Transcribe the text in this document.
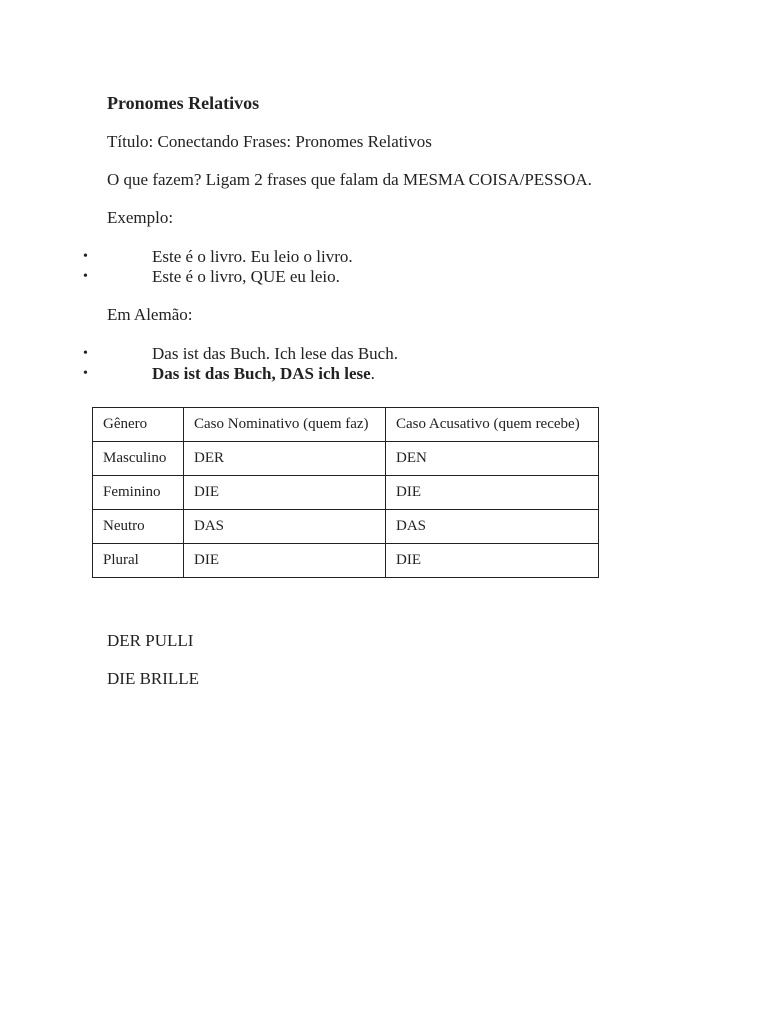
Pronomes Relativos

Título: Conectando Frases: Pronomes Relativos

O que fazem? Ligam 2 frases que falam da MESMA COISA/PESSOA.

Exemplo:

•	Este é o livro. Eu leio o livro.
•	Este é o livro, QUE eu leio.

Em Alemão:

•	Das ist das Buch. Ich lese das Buch.
•	Das ist das Buch, DAS ich lese.
Gênero	Caso Nominativo (quem faz)	Caso Acusativo (quem recebe)
Masculino	DER	DEN
Feminino	DIE	DIE
Neutro	DAS	DAS
Plural	DIE	DIE

DER PULLI

DIE BRILLE
